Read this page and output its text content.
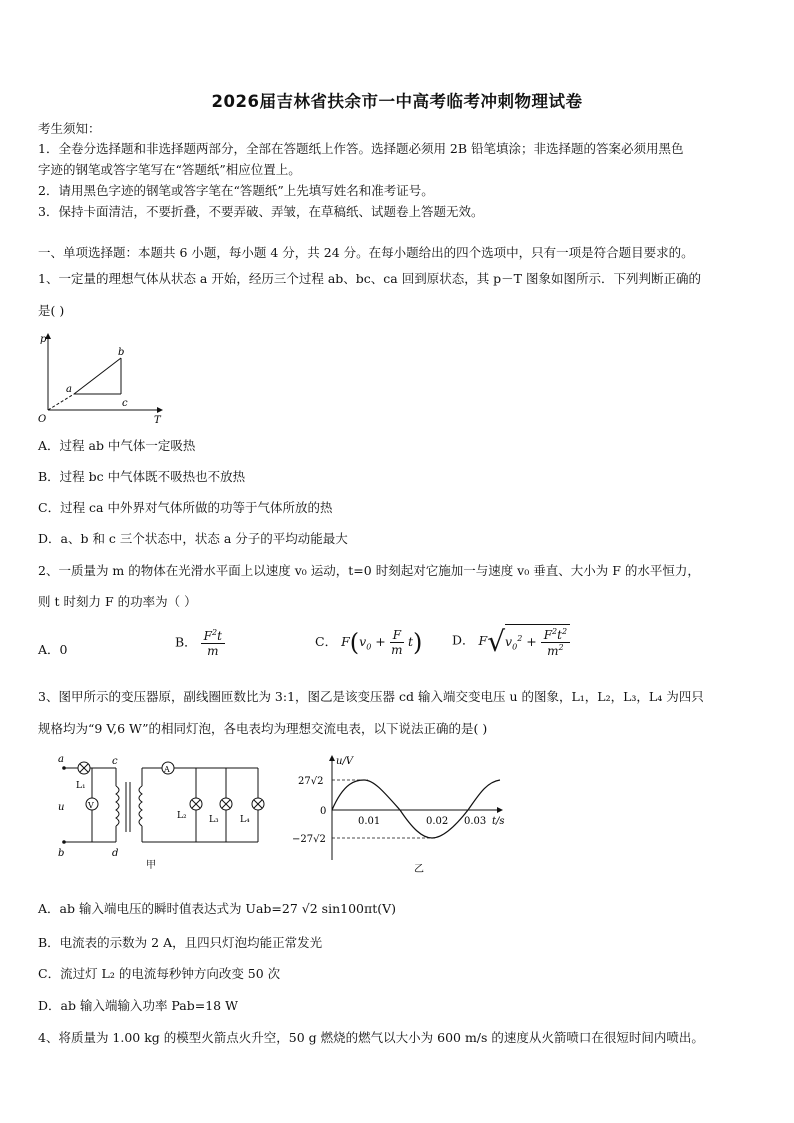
2026届吉林省扶余市一中高考临考冲刺物理试卷
考生须知：
1．全卷分选择题和非选择题两部分，全部在答题纸上作答。选择题必须用 2B 铅笔填涂；非选择题的答案必须用黑色
字迹的钢笔或答字笔写在“答题纸”相应位置上。
2．请用黑色字迹的钢笔或答字笔在“答题纸”上先填写姓名和准考证号。
3．保持卡面清洁，不要折叠，不要弄破、弄皱，在草稿纸、试题卷上答题无效。
一、单项选择题：本题共 6 小题，每小题 4 分，共 24 分。在每小题给出的四个选项中，只有一项是符合题目要求的。
1、一定量的理想气体从状态 a 开始，经历三个过程 ab、bc、ca 回到原状态，其 p－T 图象如图所示．下列判断正确的
是( )
p
T
O
a
b
c
A．过程 ab 中气体一定吸热
B．过程 bc 中气体既不吸热也不放热
C．过程 ca 中外界对气体所做的功等于气体所放的热
D．a、b 和 c 三个状态中，状态 a 分子的平均动能最大
2、一质量为 m 的物体在光滑水平面上以速度 v₀ 运动，t=0 时刻起对它施加一与速度 v₀ 垂直、大小为 F 的水平恒力，
则 t 时刻力 F 的功率为（ ）
A．0	B． $\frac{F^2t}{m}$	C． $F(v_0 + \frac{F}{m} t)$ D． $F√v_0^2 + \frac{F^2t^2}{m^2}$
3、图甲所示的变压器原，副线圈匝数比为 3:1，图乙是该变压器 cd 输入端交变电压 u 的图象，L₁，L₂，L₃，L₄ 为四只
规格均为“9 V,6 W”的相同灯泡，各电表均为理想交流电表，以下说法正确的是( )
a
b
c
d
u
L₁
V
A
L₂ L₃ L₄
甲
u/V
27√2
0
−27√2
0.01	0.02 0.03 t/s
乙
A．ab 输入端电压的瞬时值表达式为 Uab=27 √2 sin100πt(V)
B．电流表的示数为 2 A，且四只灯泡均能正常发光
C．流过灯 L₂ 的电流每秒钟方向改变 50 次
D．ab 输入端输入功率 Pab=18 W
4、将质量为 1.00 kg 的模型火箭点火升空，50 g 燃烧的燃气以大小为 600 m/s 的速度从火箭喷口在很短时间内喷出。
